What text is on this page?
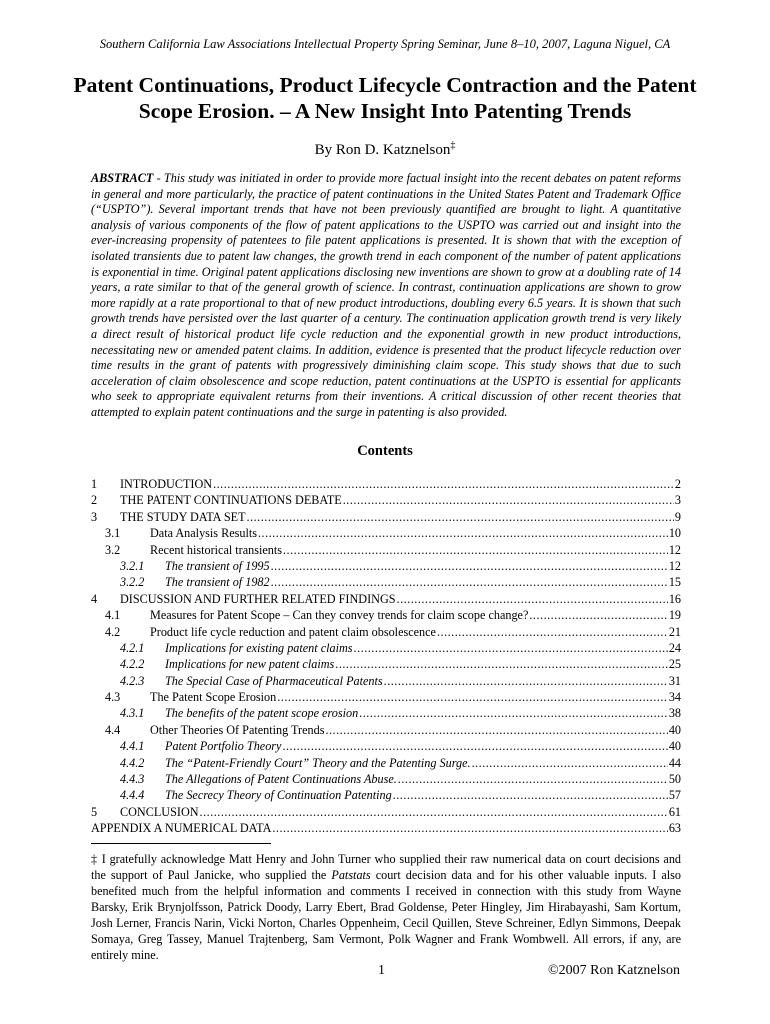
Southern California Law Associations Intellectual Property Spring Seminar, June 8–10, 2007, Laguna Niguel, CA
Patent Continuations, Product Lifecycle Contraction and the Patent
Scope Erosion. – A New Insight Into Patenting Trends
By Ron D. Katznelson‡
ABSTRACT - This study was initiated in order to provide more factual insight into the recent debates on patent reforms in general and more particularly, the practice of patent continuations in the United States Patent and Trademark Office (“USPTO”). Several important trends that have not been previously quantified are brought to light. A quantitative analysis of various components of the flow of patent applications to the USPTO was carried out and insight into the ever-increasing propensity of patentees to file patent applications is presented. It is shown that with the exception of isolated transients due to patent law changes, the growth trend in each component of the number of patent applications is exponential in time. Original patent applications disclosing new inventions are shown to grow at a doubling rate of 14 years, a rate similar to that of the general growth of science. In contrast, continuation applications are shown to grow more rapidly at a rate proportional to that of new product introductions, doubling every 6.5 years. It is shown that such growth trends have persisted over the last quarter of a century. The continuation application growth trend is very likely a direct result of historical product life cycle reduction and the exponential growth in new product introductions, necessitating new or amended patent claims. In addition, evidence is presented that the product lifecycle reduction over time results in the grant of patents with progressively diminishing claim scope. This study shows that due to such acceleration of claim obsolescence and scope reduction, patent continuations at the USPTO is essential for applicants who seek to appropriate equivalent returns from their inventions. A critical discussion of other recent theories that attempted to explain patent continuations and the surge in patenting is also provided.
Contents
1	INTRODUCTION .....	2
2	THE PATENT CONTINUATIONS DEBATE .....	3
3	THE STUDY DATA SET .....	9
3.1	Data Analysis Results .....	10
3.2	Recent historical transients .....	12
3.2.1	The transient of 1995 .....	12
3.2.2	The transient of 1982 .....	15
4	DISCUSSION AND FURTHER RELATED FINDINGS .....	16
4.1	Measures for Patent Scope – Can they convey trends for claim scope change? .....	19
4.2	Product life cycle reduction and patent claim obsolescence .....	21
4.2.1	Implications for existing patent claims .....	24
4.2.2	Implications for new patent claims .....	25
4.2.3	The Special Case of Pharmaceutical Patents .....	31
4.3	The Patent Scope Erosion .....	34
4.3.1	The benefits of the patent scope erosion .....	38
4.4	Other Theories Of Patenting Trends .....	40
4.4.1	Patent Portfolio Theory .....	40
4.4.2	The “Patent-Friendly Court” Theory and the Patenting Surge. .....	44
4.4.3	The Allegations of Patent Continuations Abuse. .....	50
4.4.4	The Secrecy Theory of Continuation Patenting .....	57
5	CONCLUSION .....	61
APPENDIX A NUMERICAL DATA .....	63
‡ I gratefully acknowledge Matt Henry and John Turner who supplied their raw numerical data on court decisions and the support of Paul Janicke, who supplied the Patstats court decision data and for his other valuable inputs. I also benefited much from the helpful information and comments I received in connection with this study from Wayne Barsky, Erik Brynjolfsson, Patrick Doody, Larry Ebert, Brad Goldense, Peter Hingley, Jim Hirabayashi, Sam Kortum, Josh Lerner, Francis Narin, Vicki Norton, Charles Oppenheim, Cecil Quillen, Steve Schreiner, Edlyn Simmons, Deepak Somaya, Greg Tassey, Manuel Trajtenberg, Sam Vermont, Polk Wagner and Frank Wombwell. All errors, if any, are entirely mine.
1	©2007 Ron Katznelson
